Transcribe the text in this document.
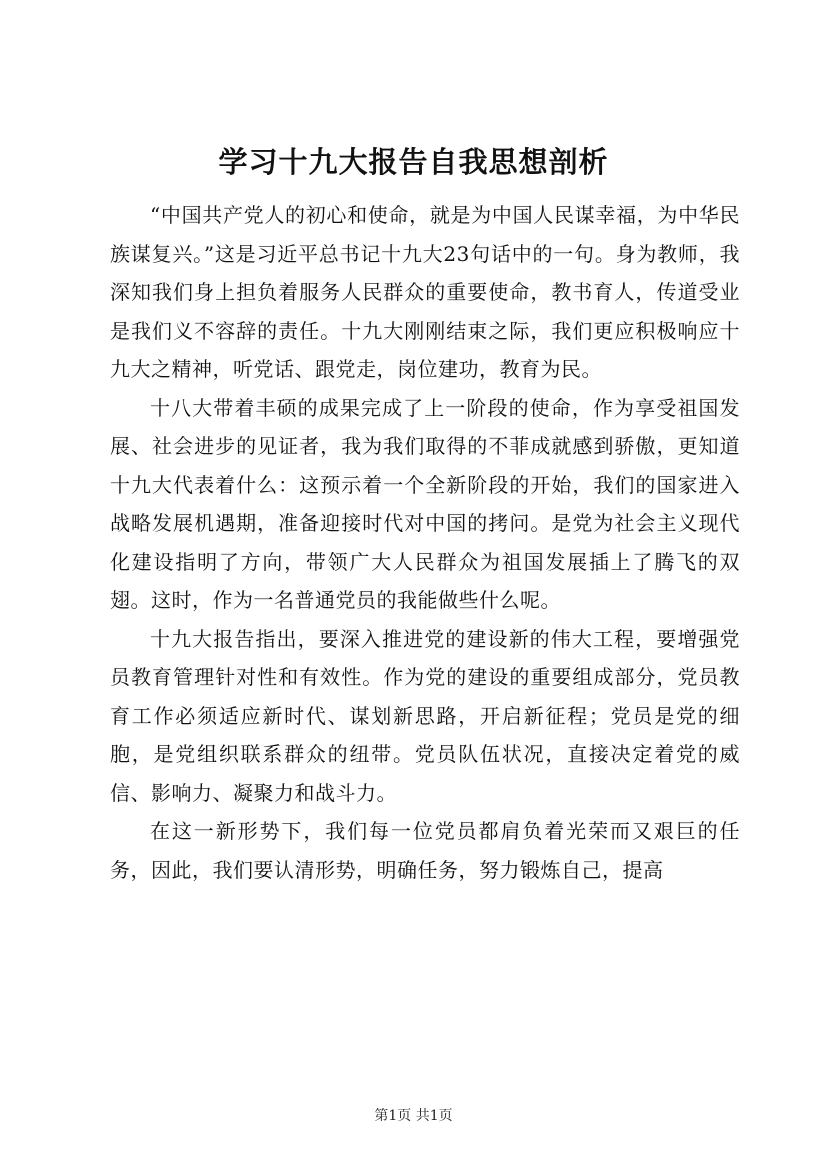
学习十九大报告自我思想剖析

“中国共产党人的初心和使命，就是为中国人民谋幸福，为中华民族谋复兴。”这是习近平总书记十九大23句话中的一句。身为教师，我深知我们身上担负着服务人民群众的重要使命，教书育人，传道受业是我们义不容辞的责任。十九大刚刚结束之际，我们更应积极响应十九大之精神，听党话、跟党走，岗位建功，教育为民。

十八大带着丰硕的成果完成了上一阶段的使命，作为享受祖国发展、社会进步的见证者，我为我们取得的不菲成就感到骄傲，更知道十九大代表着什么：这预示着一个全新阶段的开始，我们的国家进入战略发展机遇期，准备迎接时代对中国的拷问。是党为社会主义现代化建设指明了方向，带领广大人民群众为祖国发展插上了腾飞的双翅。这时，作为一名普通党员的我能做些什么呢。

十九大报告指出，要深入推进党的建设新的伟大工程，要增强党员教育管理针对性和有效性。作为党的建设的重要组成部分，党员教育工作必须适应新时代、谋划新思路，开启新征程；党员是党的细胞，是党组织联系群众的纽带。党员队伍状况，直接决定着党的威信、影响力、凝聚力和战斗力。

在这一新形势下，我们每一位党员都肩负着光荣而又艰巨的任务，因此，我们要认清形势，明确任务，努力锻炼自己，提高

第1页 共1页
